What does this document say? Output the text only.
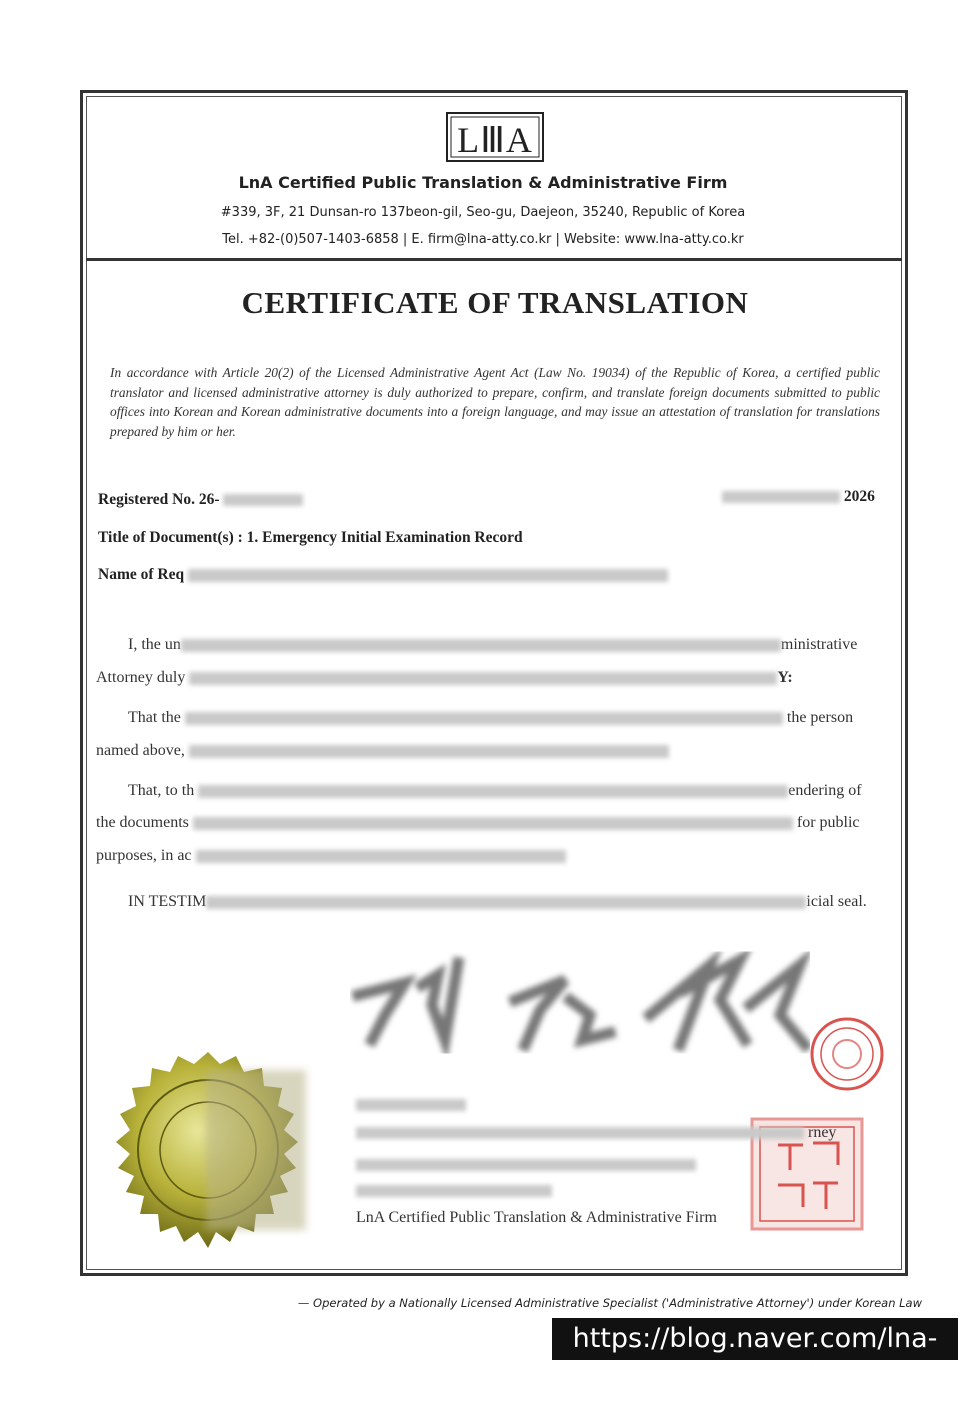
LⅢA
LnA Certified Public Translation & Administrative Firm
#339, 3F, 21 Dunsan-ro 137beon-gil, Seo-gu, Daejeon, 35240, Republic of Korea
Tel. +82-(0)507-1403-6858 | E. firm@lna-atty.co.kr | Website: www.lna-atty.co.kr
CERTIFICATE OF TRANSLATION
In accordance with Article 20(2) of the Licensed Administrative Agent Act (Law No. 19034) of the Republic of Korea, a certified public translator and licensed administrative attorney is duly authorized to prepare, confirm, and translate foreign documents submitted to public offices into Korean and Korean administrative documents into a foreign language, and may issue an attestation of translation for translations prepared by him or her.
Registered No. 26-	2026
Title of Document(s) : 1. Emergency Initial Examination Record
Name of Req
I, the un	ministrative
Attorney duly	Y:
That the	the person
named above,
That, to th	endering of
the documents	for public
purposes, in ac
IN TESTIM	icial seal.
rney
LnA Certified Public Translation & Administrative Firm
— Operated by a Nationally Licensed Administrative Specialist ('Administrative Attorney') under Korean Law
https://blog.naver.com/lna-atty
